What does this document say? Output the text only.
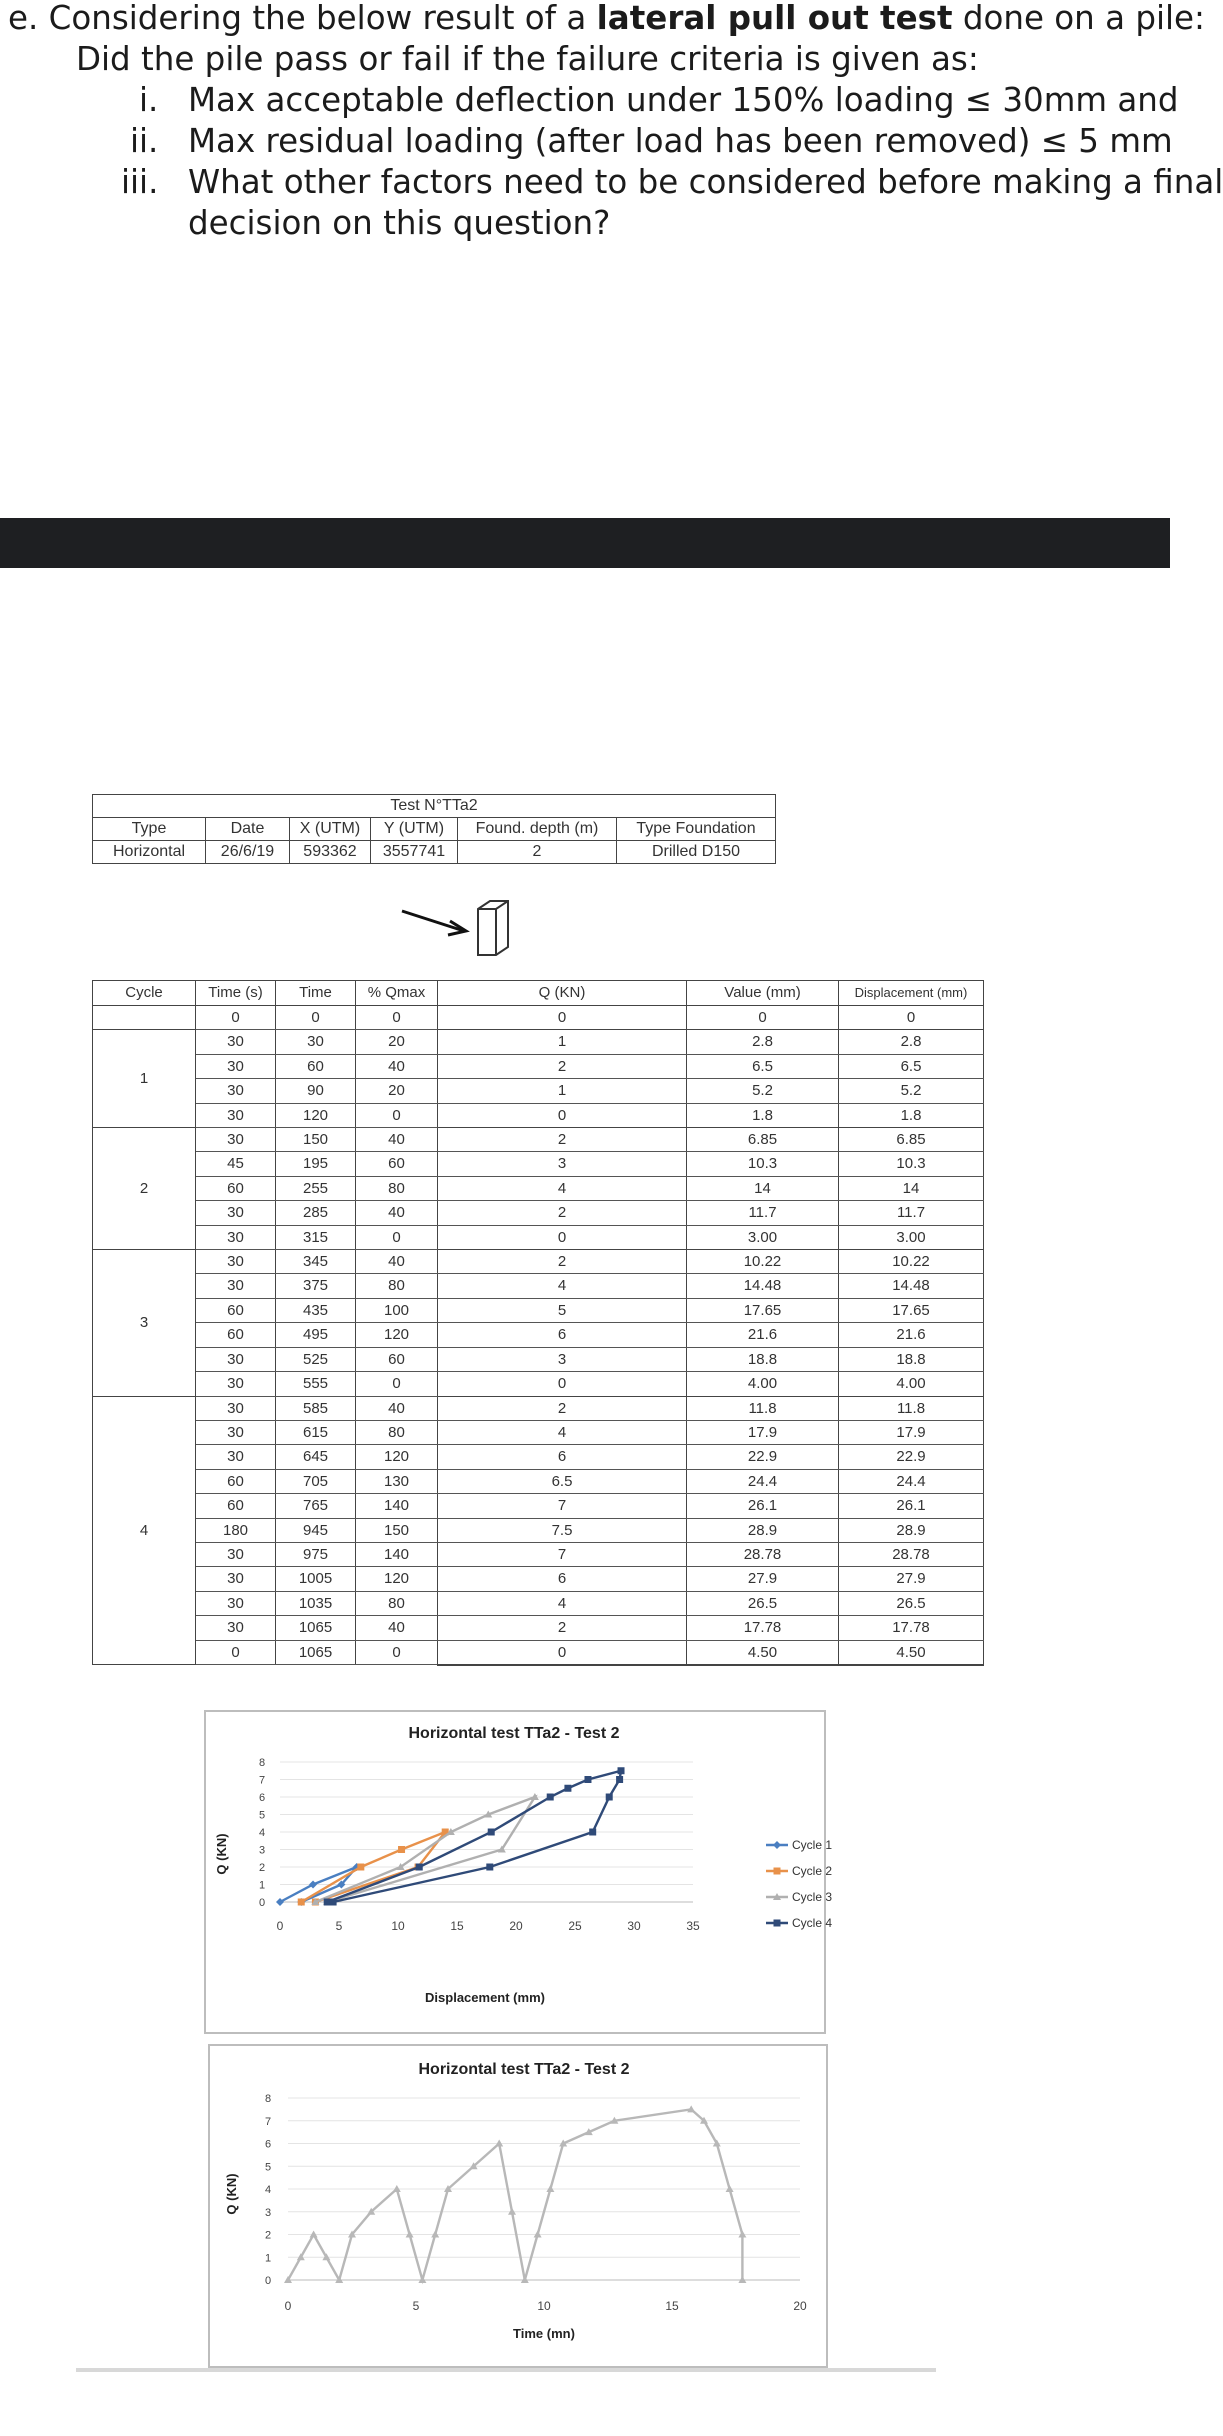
e. Considering the below result of a lateral pull out test done on a pile:
Did the pile pass or fail if the failure criteria is given as:
i. Max acceptable deflection under 150% loading ≤ 30mm and
ii. Max residual loading (after load has been removed) ≤ 5 mm
iii. What other factors need to be considered before making a final
decision on this question?
Test N°TTa2					
Type	Date	X (UTM)	Y (UTM)	Found. depth (m)	Type Foundation
Horizontal	26/6/19	593362	3557741	2	Drilled D150
Cycle	Time (s)	Time	% Qmax	Q (KN)	Value (mm)	Displacement (mm)
	0	0	0	0	0	0
1	30	30	20	1	2.8	2.8
	30	60	40	2	6.5	6.5
	30	90	20	1	5.2	5.2
	30	120	0	0	1.8	1.8
2	30	150	40	2	6.85	6.85
	45	195	60	3	10.3	10.3
	60	255	80	4	14	14
	30	285	40	2	11.7	11.7
	30	315	0	0	3.00	3.00
3	30	345	40	2	10.22	10.22
	30	375	80	4	14.48	14.48
	60	435	100	5	17.65	17.65
	60	495	120	6	21.6	21.6
	30	525	60	3	18.8	18.8
	30	555	0	0	4.00	4.00
4	30	585	40	2	11.8	11.8
	30	615	80	4	17.9	17.9
	30	645	120	6	22.9	22.9
	60	705	130	6.5	24.4	24.4
	60	765	140	7	26.1	26.1
	180	945	150	7.5	28.9	28.9
	30	975	140	7	28.78	28.78
	30	1005	120	6	27.9	27.9
	30	1035	80	4	26.5	26.5
	30	1065	40	2	17.78	17.78
	0	1065	0	0	4.50	4.50
Horizontal test TTa2 - Test 2
0
1
2
3
4
5
6
7
8
0	5	10	15	20	25	30	35
Displacement (mm)
Q (KN)	Cycle 1
Cycle 2
Cycle 3
Cycle 4
Horizontal test TTa2 - Test 2
0
1
2
3
4
5
6
7
8
0	5	10	15	20
Time (mn)
Q (KN)
